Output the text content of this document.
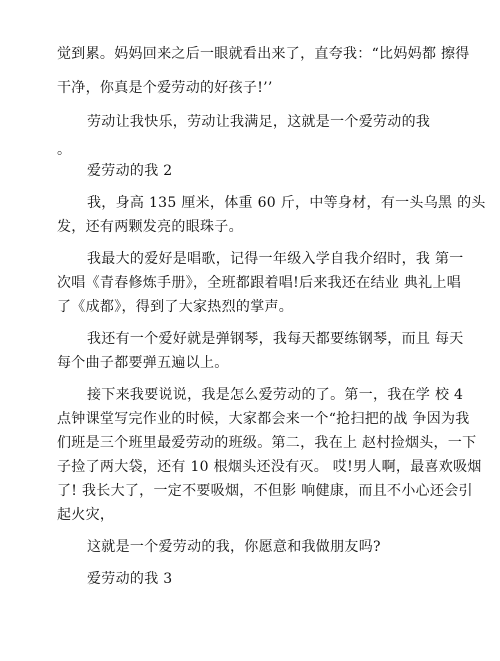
觉到累。妈妈回来之后一眼就看出来了，直夸我：“比妈妈都 擦得
干净，你真是个爱劳动的好孩子!’’
劳动让我快乐，劳动让我满足，这就是一个爱劳动的我
。
爱劳动的我 2
我，身高 135 厘米，体重 60 斤，中等身材，有一头乌黑 的头
发，还有两颗发亮的眼珠子。
我最大的爱好是唱歌，记得一年级入学自我介绍时，我 第一
次唱《青春修炼手册》，全班都跟着唱!后来我还在结业 典礼上唱
了《成都》，得到了大家热烈的掌声。
我还有一个爱好就是弹钢琴，我每天都要练钢琴，而且 每天
每个曲子都要弹五遍以上。
接下来我要说说，我是怎么爱劳动的了。第一，我在学 校 4
点钟课堂写完作业的时候，大家都会来一个“抢扫把的战 争因为我
们班是三个班里最爱劳动的班级。第二，我在上 赵村捡烟头，一下
子捡了两大袋，还有 10 根烟头还没有灭。 哎!男人啊，最喜欢吸烟
了! 我长大了，一定不要吸烟，不但影 响健康，而且不小心还会引
起火灾，
这就是一个爱劳动的我，你愿意和我做朋友吗?
爱劳动的我 3
